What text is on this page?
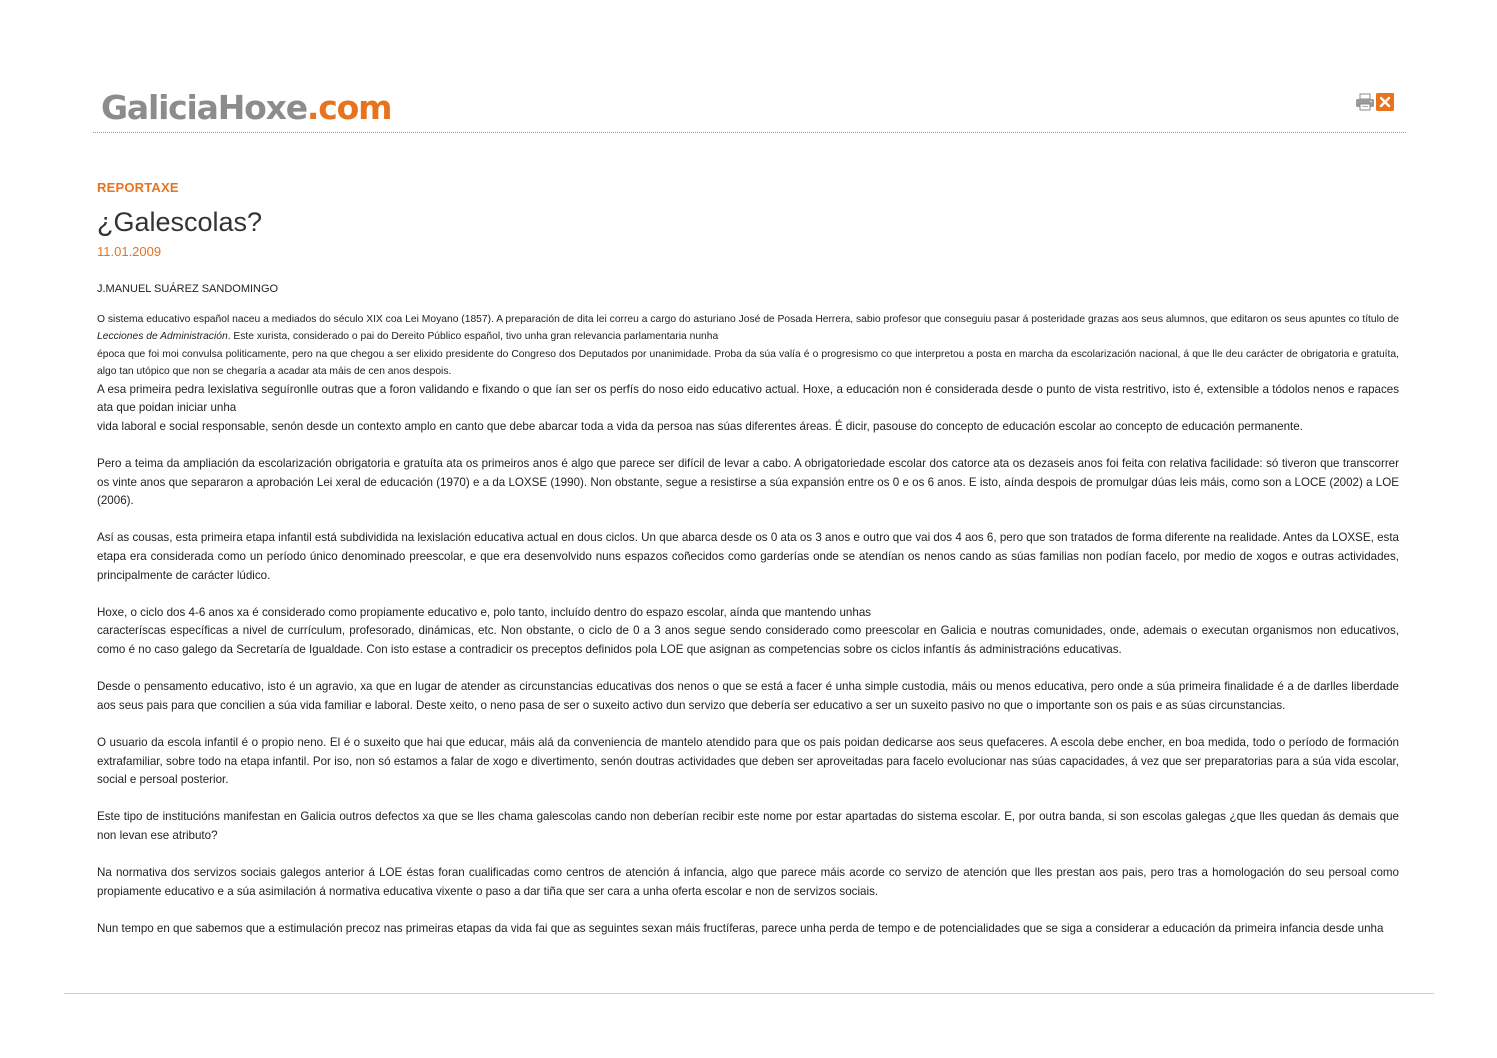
GaliciaHoxe.com
REPORTAXE
¿Galescolas?
11.01.2009
J.MANUEL SUÁREZ SANDOMINGO

O sistema educativo español naceu a mediados do século XIX coa Lei Moyano (1857). A preparación de dita lei correu a cargo do asturiano José de Posada Herrera, sabio profesor que conseguiu pasar á posteridade grazas aos seus alumnos, que editaron os seus apuntes co título de Lecciones de Administración. Este xurista, considerado o pai do Dereito Público español, tivo unha gran relevancia parlamentaria nunha

época que foi moi convulsa politicamente, pero na que chegou a ser elixido presidente do Congreso dos Deputados por unanimidade. Proba da súa valía é o progresismo co que interpretou a posta en marcha da escolarización nacional, á que lle deu carácter de obrigatoria e gratuíta, algo tan utópico que non se chegaría a acadar ata máis de cen anos despois.

A esa primeira pedra lexislativa seguíronlle outras que a foron validando e fixando o que ían ser os perfís do noso eido educativo actual. Hoxe, a educación non é considerada desde o punto de vista restritivo, isto é, extensible a tódolos nenos e rapaces ata que poidan iniciar unha

vida laboral e social responsable, senón desde un contexto amplo en canto que debe abarcar toda a vida da persoa nas súas diferentes áreas. É dicir, pasouse do concepto de educación escolar ao concepto de educación permanente.

Pero a teima da ampliación da escolarización obrigatoria e gratuíta ata os primeiros anos é algo que parece ser difícil de levar a cabo. A obrigatoriedade escolar dos catorce ata os dezaseis anos foi feita con relativa facilidade: só tiveron que transcorrer os vinte anos que separaron a aprobación Lei xeral de educación (1970) e a da LOXSE (1990). Non obstante, segue a resistirse a súa expansión entre os 0 e os 6 anos. E isto, aínda despois de promulgar dúas leis máis, como son a LOCE (2002) a LOE (2006).

Así as cousas, esta primeira etapa infantil está subdividida na lexislación educativa actual en dous ciclos. Un que abarca desde os 0 ata os 3 anos e outro que vai dos 4 aos 6, pero que son tratados de forma diferente na realidade. Antes da LOXSE, esta etapa era considerada como un período único denominado preescolar, e que era desenvolvido nuns espazos coñecidos como garderías onde se atendían os nenos cando as súas familias non podían facelo, por medio de xogos e outras actividades, principalmente de carácter lúdico.

Hoxe, o ciclo dos 4-6 anos xa é considerado como propiamente educativo e, polo tanto, incluído dentro do espazo escolar, aínda que mantendo unhas

caracteríscas específicas a nivel de currículum, profesorado, dinámicas, etc. Non obstante, o ciclo de 0 a 3 anos segue sendo considerado como preescolar en Galicia e noutras comunidades, onde, ademais o executan organismos non educativos, como é no caso galego da Secretaría de Igualdade. Con isto estase a contradicir os preceptos definidos pola LOE que asignan as competencias sobre os ciclos infantís ás administracións educativas.

Desde o pensamento educativo, isto é un agravio, xa que en lugar de atender as circunstancias educativas dos nenos o que se está a facer é unha simple custodia, máis ou menos educativa, pero onde a súa primeira finalidade é a de darlles liberdade aos seus pais para que concilien a súa vida familiar e laboral. Deste xeito, o neno pasa de ser o suxeito activo dun servizo que debería ser educativo a ser un suxeito pasivo no que o importante son os pais e as súas circunstancias.

O usuario da escola infantil é o propio neno. El é o suxeito que hai que educar, máis alá da conveniencia de mantelo atendido para que os pais poidan dedicarse aos seus quefaceres. A escola debe encher, en boa medida, todo o período de formación extrafamiliar, sobre todo na etapa infantil. Por iso, non só estamos a falar de xogo e divertimento, senón doutras actividades que deben ser aproveitadas para facelo evolucionar nas súas capacidades, á vez que ser preparatorias para a súa vida escolar, social e persoal posterior.

Este tipo de institucións manifestan en Galicia outros defectos xa que se lles chama galescolas cando non deberían recibir este nome por estar apartadas do sistema escolar. E, por outra banda, si son escolas galegas ¿que lles quedan ás demais que non levan ese atributo?

Na normativa dos servizos sociais galegos anterior á LOE éstas foran cualificadas como centros de atención á infancia, algo que parece máis acorde co servizo de atención que lles prestan aos pais, pero tras a homologación do seu persoal como propiamente educativo e a súa asimilación á normativa educativa vixente o paso a dar tiña que ser cara a unha oferta escolar e non de servizos sociais.

Nun tempo en que sabemos que a estimulación precoz nas primeiras etapas da vida fai que as seguintes sexan máis fructíferas, parece unha perda de tempo e de potencialidades que se siga a considerar a educación da primeira infancia desde unha
